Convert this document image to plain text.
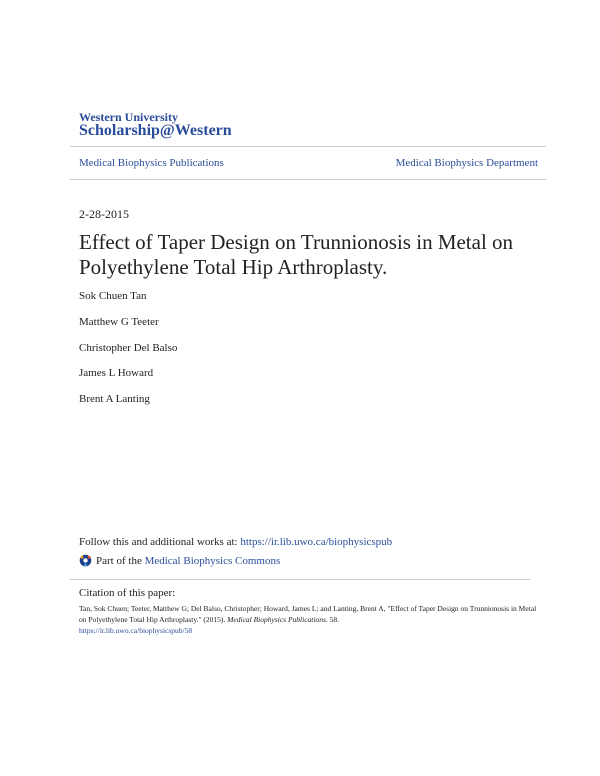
Western University
Scholarship@Western
Medical Biophysics Publications	Medical Biophysics Department
2-28-2015
Effect of Taper Design on Trunnionosis in Metal on Polyethylene Total Hip Arthroplasty.
Sok Chuen Tan
Matthew G Teeter
Christopher Del Balso
James L Howard
Brent A Lanting
Follow this and additional works at: https://ir.lib.uwo.ca/biophysicspub
Part of the Medical Biophysics Commons
Citation of this paper:
Tan, Sok Chuen; Teeter, Matthew G; Del Balso, Christopher; Howard, James L; and Lanting, Brent A, "Effect of Taper Design on Trunnionosis in Metal on Polyethylene Total Hip Arthroplasty." (2015). Medical Biophysics Publications. 58.
https://ir.lib.uwo.ca/biophysicspub/58
